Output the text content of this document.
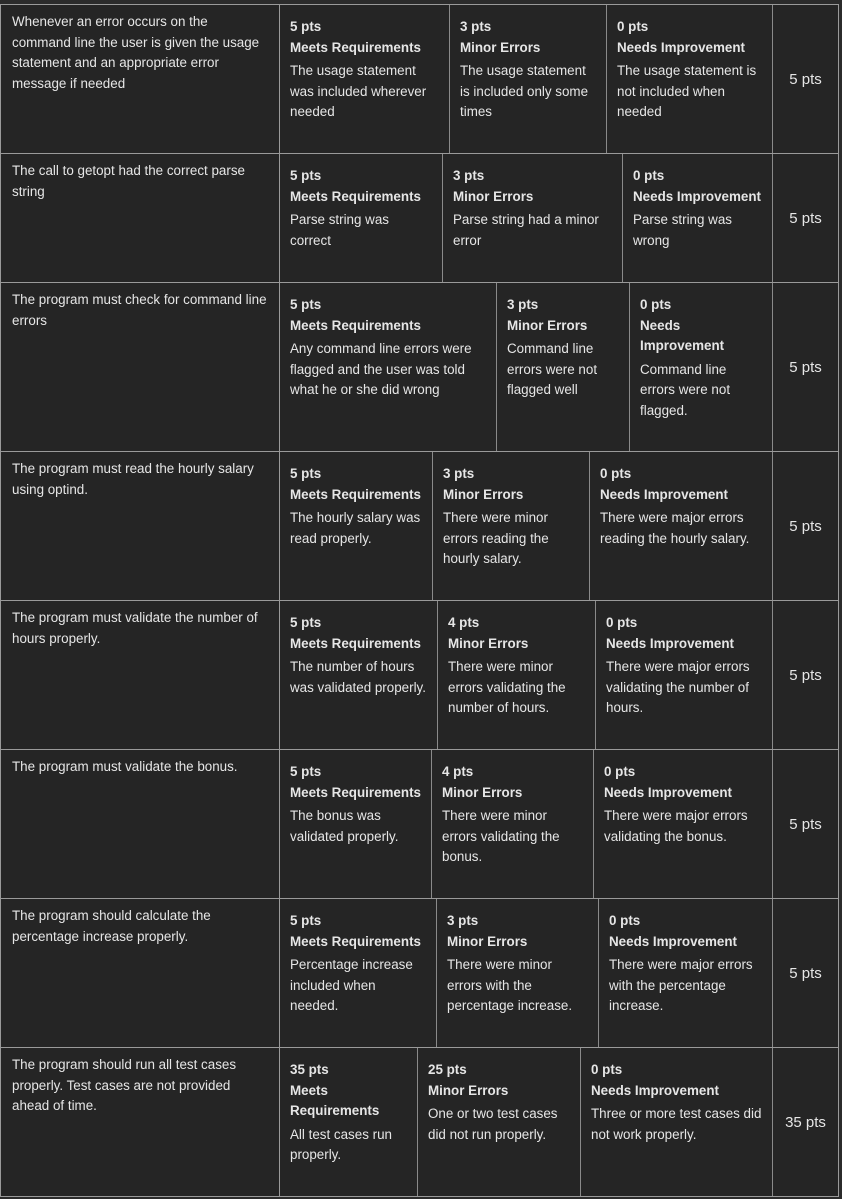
Whenever an error occurs on the command line the user is given the usage statement and an appropriate error message if needed
5 pts
Meets Requirements
The usage statement was included wherever needed
3 pts
Minor Errors
The usage statement is included only some times
0 pts
Needs Improvement
The usage statement is not included when needed
5 pts
The call to getopt had the correct parse string
5 pts
Meets Requirements
Parse string was correct
3 pts
Minor Errors
Parse string had a minor error
0 pts
Needs Improvement
Parse string was wrong
5 pts
The program must check for command line errors
5 pts
Meets Requirements
Any command line errors were flagged and the user was told what he or she did wrong
3 pts
Minor Errors
Command line errors were not flagged well
0 pts
Needs Improvement
Command line errors were not flagged.
5 pts
The program must read the hourly salary using optind.
5 pts
Meets Requirements
The hourly salary was read properly.
3 pts
Minor Errors
There were minor errors reading the hourly salary.
0 pts
Needs Improvement
There were major errors reading the hourly salary.
5 pts
The program must validate the number of hours properly.
5 pts
Meets Requirements
The number of hours was validated properly.
4 pts
Minor Errors
There were minor errors validating the number of hours.
0 pts
Needs Improvement
There were major errors validating the number of hours.
5 pts
The program must validate the bonus.	5 pts
Meets Requirements
The bonus was validated properly.
4 pts
Minor Errors
There were minor errors validating the bonus.
0 pts
Needs Improvement
There were major errors validating the bonus.
5 pts
The program should calculate the percentage increase properly.
5 pts
Meets Requirements
Percentage increase included when needed.
3 pts
Minor Errors
There were minor errors with the percentage increase.
0 pts
Needs Improvement
There were major errors with the percentage increase.
5 pts
The program should run all test cases properly. Test cases are not provided ahead of time.
35 pts
Meets Requirements
All test cases run properly.
25 pts
Minor Errors
One or two test cases did not run properly.
0 pts
Needs Improvement
Three or more test cases did not work properly.
35 pts
